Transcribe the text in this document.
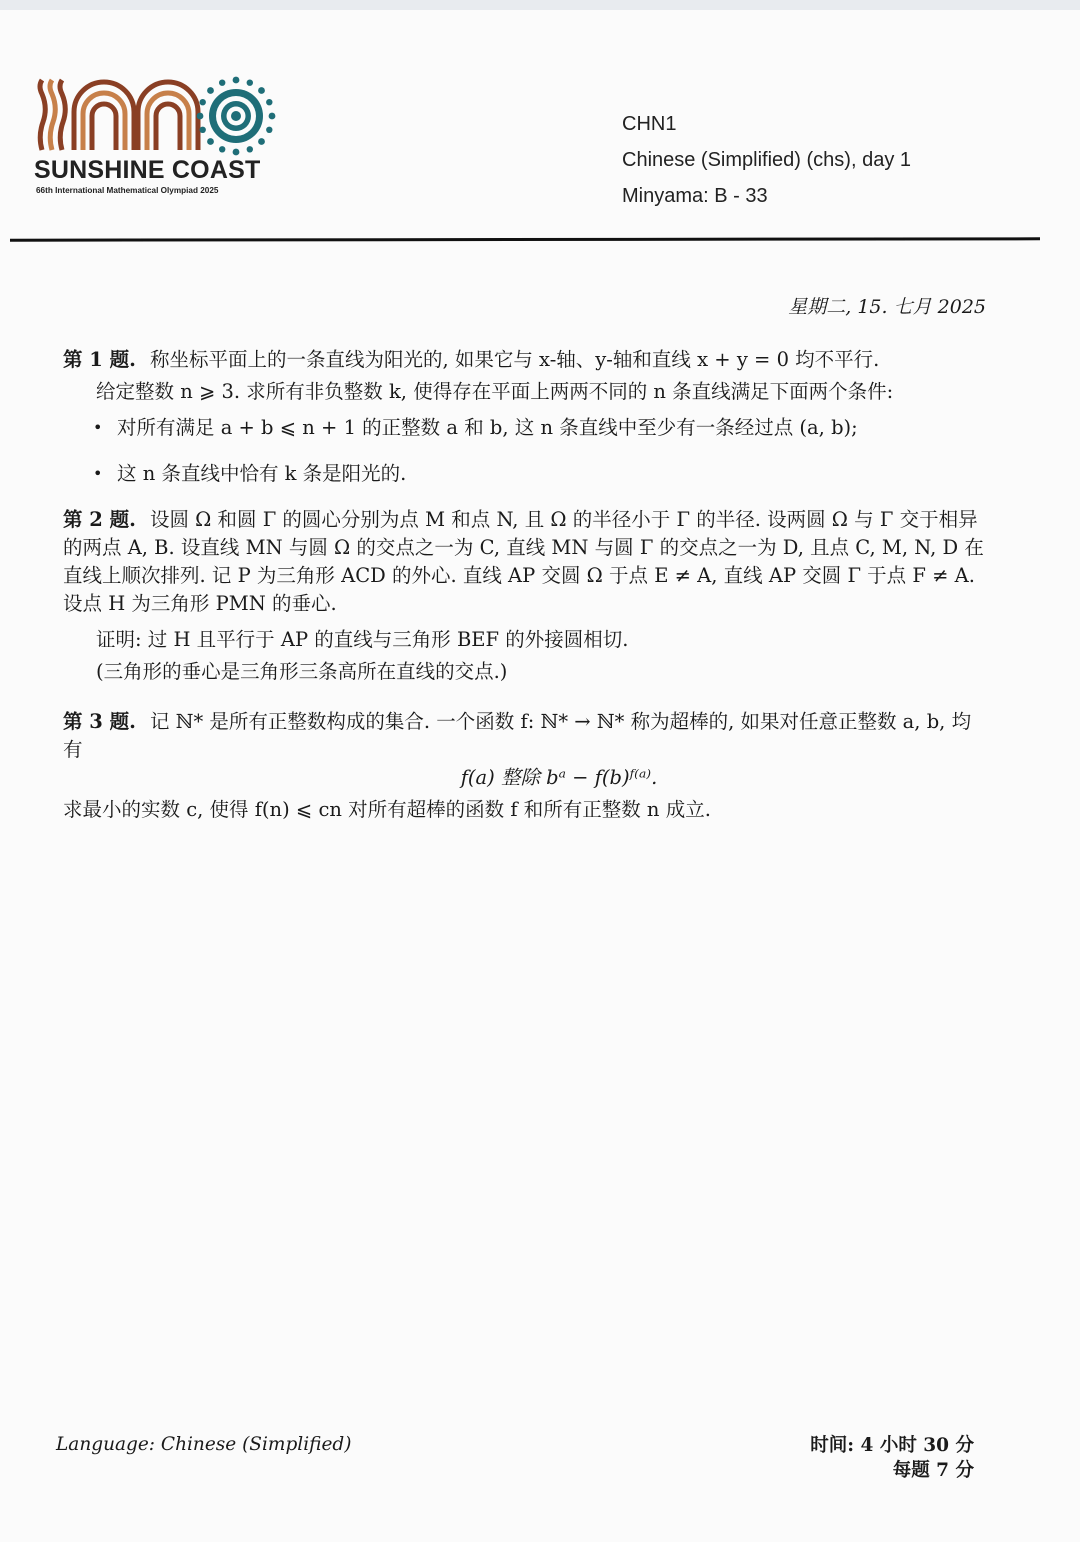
SUNSHINE COAST
66th International Mathematical Olympiad 2025
CHN1
Chinese (Simplified) (chs), day 1
Minyama: B - 33
星期二, 15. 七月 2025

第 1 题. 称坐标平面上的一条直线为阳光的, 如果它与 x-轴、y-轴和直线 x + y = 0 均不平行.

给定整数 n ⩾ 3. 求所有非负整数 k, 使得存在平面上两两不同的 n 条直线满足下面两个条件:

• 对所有满足 a + b ⩽ n + 1 的正整数 a 和 b, 这 n 条直线中至少有一条经过点 (a, b);
• 这 n 条直线中恰有 k 条是阳光的.

第 2 题. 设圆 Ω 和圆 Γ 的圆心分别为点 M 和点 N, 且 Ω 的半径小于 Γ 的半径. 设两圆 Ω 与 Γ 交于相异的两点 A, B. 设直线 MN 与圆 Ω 的交点之一为 C, 直线 MN 与圆 Γ 的交点之一为 D, 且点 C, M, N, D 在直线上顺次排列. 记 P 为三角形 ACD 的外心. 直线 AP 交圆 Ω 于点 E ≠ A, 直线 AP 交圆 Γ 于点 F ≠ A. 设点 H 为三角形 PMN 的垂心.

证明: 过 H 且平行于 AP 的直线与三角形 BEF 的外接圆相切.

(三角形的垂心是三角形三条高所在直线的交点.)

第 3 题. 记 ℕ* 是所有正整数构成的集合. 一个函数 f: ℕ* → ℕ* 称为超棒的, 如果对任意正整数 a, b, 均有

f(a) 整除 bᵃ − f(b)ᶠ⁽ᵃ⁾.

求最小的实数 c, 使得 f(n) ⩽ cn 对所有超棒的函数 f 和所有正整数 n 成立.

Language: Chinese (Simplified)	时间: 4 小时 30 分
每题 7 分
